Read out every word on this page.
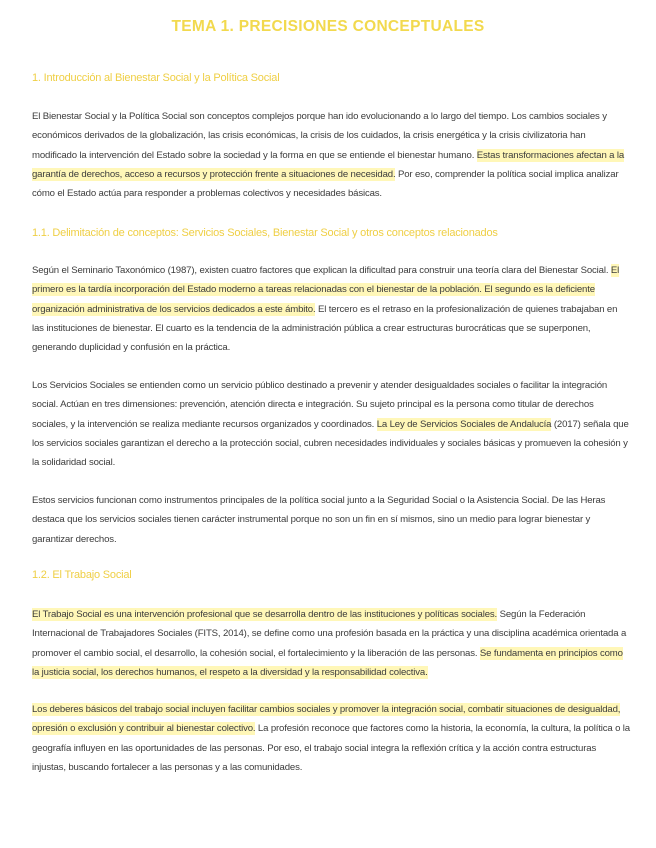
TEMA 1. PRECISIONES CONCEPTUALES
1. Introducción al Bienestar Social y la Política Social

El Bienestar Social y la Política Social son conceptos complejos porque han ido evolucionando a lo largo del tiempo. Los cambios sociales y económicos derivados de la globalización, las crisis económicas, la crisis de los cuidados, la crisis energética y la crisis civilizatoria han modificado la intervención del Estado sobre la sociedad y la forma en que se entiende el bienestar humano. Estas transformaciones afectan a la garantía de derechos, acceso a recursos y protección frente a situaciones de necesidad. Por eso, comprender la política social implica analizar cómo el Estado actúa para responder a problemas colectivos y necesidades básicas.

1.1. Delimitación de conceptos: Servicios Sociales, Bienestar Social y otros conceptos relacionados

Según el Seminario Taxonómico (1987), existen cuatro factores que explican la dificultad para construir una teoría clara del Bienestar Social. El primero es la tardía incorporación del Estado moderno a tareas relacionadas con el bienestar de la población. El segundo es la deficiente organización administrativa de los servicios dedicados a este ámbito. El tercero es el retraso en la profesionalización de quienes trabajaban en las instituciones de bienestar. El cuarto es la tendencia de la administración pública a crear estructuras burocráticas que se superponen, generando duplicidad y confusión en la práctica.

Los Servicios Sociales se entienden como un servicio público destinado a prevenir y atender desigualdades sociales o facilitar la integración social. Actúan en tres dimensiones: prevención, atención directa e integración. Su sujeto principal es la persona como titular de derechos sociales, y la intervención se realiza mediante recursos organizados y coordinados. La Ley de Servicios Sociales de Andalucía (2017) señala que los servicios sociales garantizan el derecho a la protección social, cubren necesidades individuales y sociales básicas y promueven la cohesión y la solidaridad social.

Estos servicios funcionan como instrumentos principales de la política social junto a la Seguridad Social o la Asistencia Social. De las Heras destaca que los servicios sociales tienen carácter instrumental porque no son un fin en sí mismos, sino un medio para lograr bienestar y garantizar derechos.

1.2. El Trabajo Social

El Trabajo Social es una intervención profesional que se desarrolla dentro de las instituciones y políticas sociales. Según la Federación Internacional de Trabajadores Sociales (FITS, 2014), se define como una profesión basada en la práctica y una disciplina académica orientada a promover el cambio social, el desarrollo, la cohesión social, el fortalecimiento y la liberación de las personas. Se fundamenta en principios como la justicia social, los derechos humanos, el respeto a la diversidad y la responsabilidad colectiva.

Los deberes básicos del trabajo social incluyen facilitar cambios sociales y promover la integración social, combatir situaciones de desigualdad, opresión o exclusión y contribuir al bienestar colectivo. La profesión reconoce que factores como la historia, la economía, la cultura, la política o la geografía influyen en las oportunidades de las personas. Por eso, el trabajo social integra la reflexión crítica y la acción contra estructuras injustas, buscando fortalecer a las personas y a las comunidades.
